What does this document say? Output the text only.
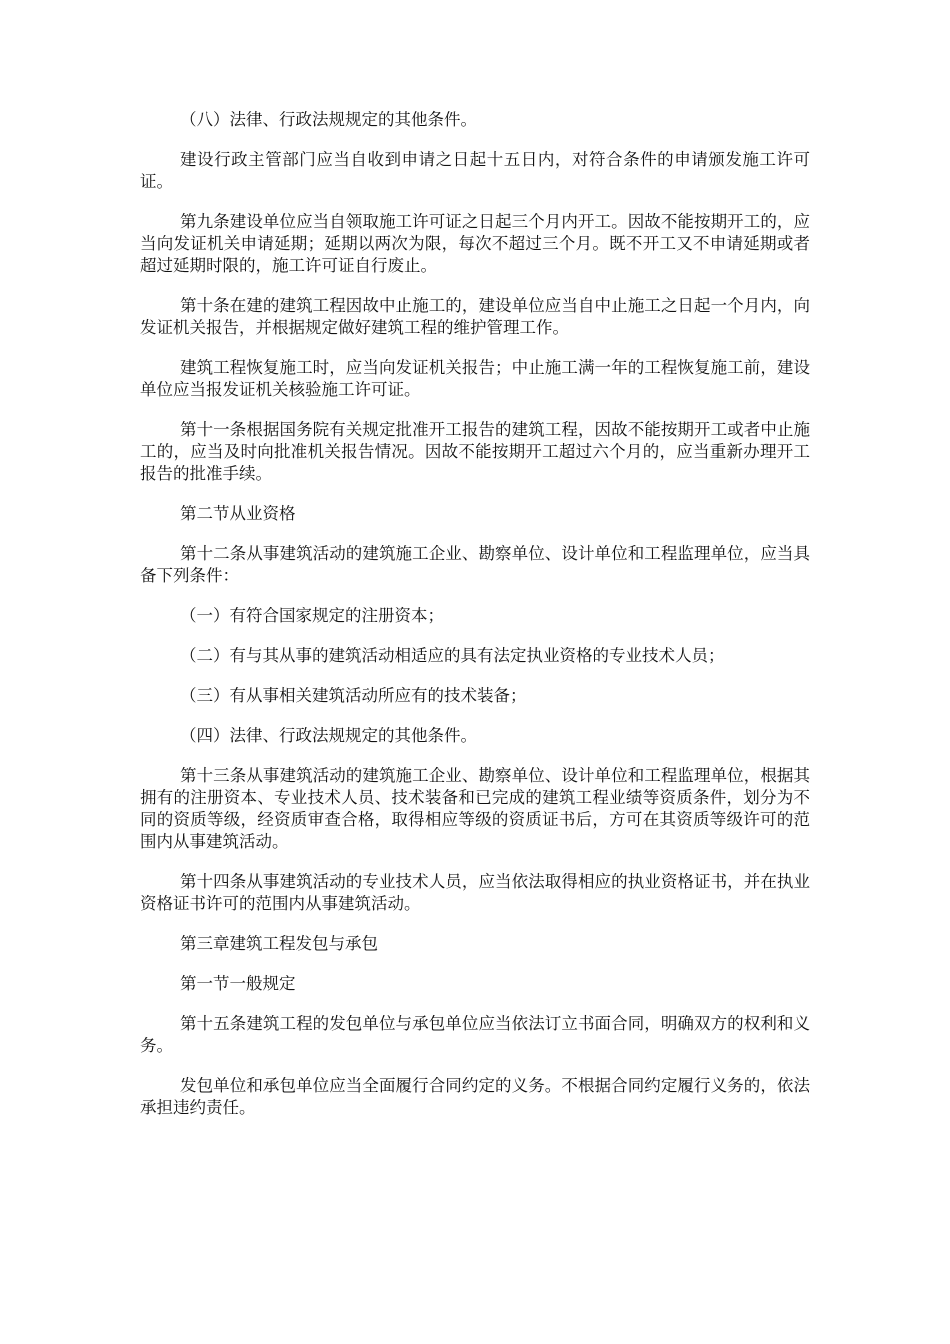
（八）法律、行政法规规定的其他条件。

建设行政主管部门应当自收到申请之日起十五日内，对符合条件的申请颁发施工许可证。

第九条建设单位应当自领取施工许可证之日起三个月内开工。因故不能按期开工的，应当向发证机关申请延期；延期以两次为限，每次不超过三个月。既不开工又不申请延期或者超过延期时限的，施工许可证自行废止。

第十条在建的建筑工程因故中止施工的，建设单位应当自中止施工之日起一个月内，向发证机关报告，并根据规定做好建筑工程的维护管理工作。

建筑工程恢复施工时，应当向发证机关报告；中止施工满一年的工程恢复施工前，建设单位应当报发证机关核验施工许可证。

第十一条根据国务院有关规定批准开工报告的建筑工程，因故不能按期开工或者中止施工的，应当及时向批准机关报告情况。因故不能按期开工超过六个月的，应当重新办理开工报告的批准手续。

第二节从业资格

第十二条从事建筑活动的建筑施工企业、勘察单位、设计单位和工程监理单位，应当具备下列条件：

（一）有符合国家规定的注册资本；

（二）有与其从事的建筑活动相适应的具有法定执业资格的专业技术人员；

（三）有从事相关建筑活动所应有的技术装备；

（四）法律、行政法规规定的其他条件。

第十三条从事建筑活动的建筑施工企业、勘察单位、设计单位和工程监理单位，根据其拥有的注册资本、专业技术人员、技术装备和已完成的建筑工程业绩等资质条件，划分为不同的资质等级，经资质审查合格，取得相应等级的资质证书后，方可在其资质等级许可的范围内从事建筑活动。

第十四条从事建筑活动的专业技术人员，应当依法取得相应的执业资格证书，并在执业资格证书许可的范围内从事建筑活动。

第三章建筑工程发包与承包

第一节一般规定

第十五条建筑工程的发包单位与承包单位应当依法订立书面合同，明确双方的权利和义务。

发包单位和承包单位应当全面履行合同约定的义务。不根据合同约定履行义务的，依法承担违约责任。
